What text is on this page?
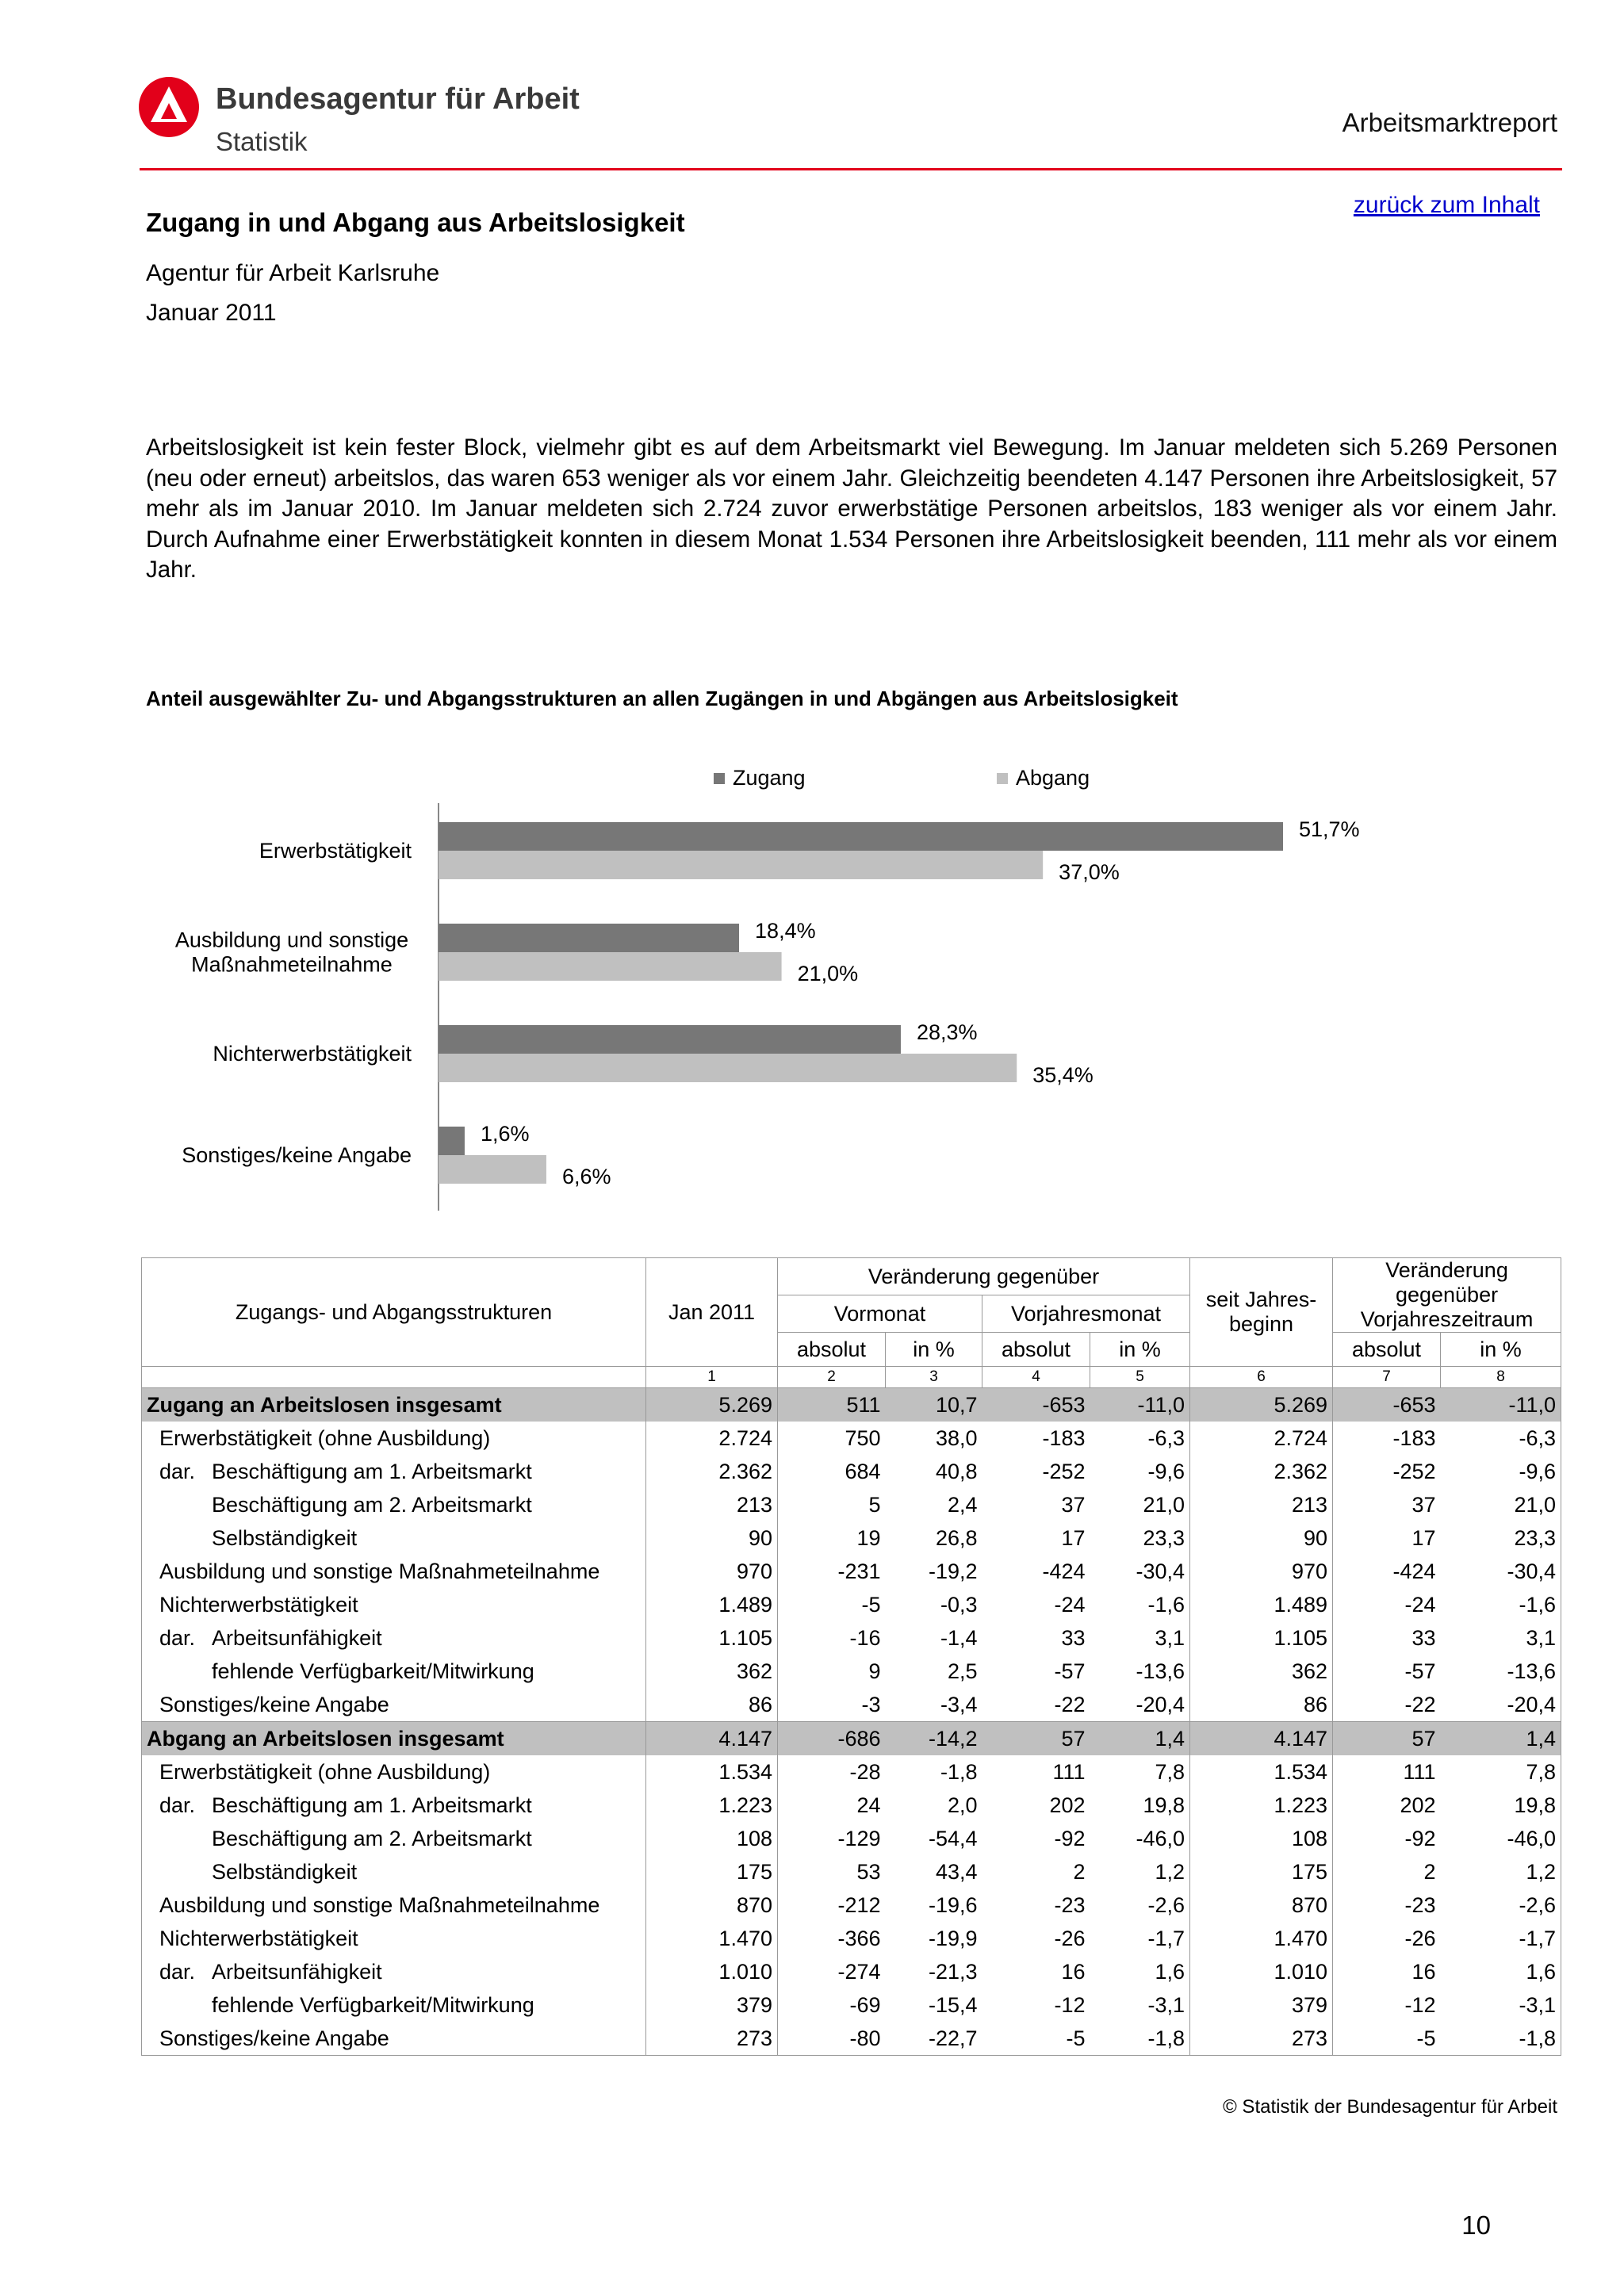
Bundesagentur für Arbeit
Statistik
Arbeitsmarktreport
zurück zum Inhalt
Zugang in und Abgang aus Arbeitslosigkeit
Agentur für Arbeit Karlsruhe
Januar 2011
Arbeitslosigkeit ist kein fester Block, vielmehr gibt es auf dem Arbeitsmarkt viel Bewegung. Im Januar meldeten sich 5.269 Personen (neu oder erneut) arbeitslos, das waren 653 weniger als vor einem Jahr. Gleichzeitig beendeten 4.147 Personen ihre Arbeitslosigkeit, 57 mehr als im Januar 2010. Im Januar meldeten sich 2.724 zuvor erwerbstätige Personen arbeitslos, 183 weniger als vor einem Jahr. Durch Aufnahme einer Erwerbstätigkeit konnten in diesem Monat 1.534 Personen ihre Arbeitslosigkeit beenden, 111 mehr als vor einem Jahr.
Anteil ausgewählter Zu- und Abgangsstrukturen an allen Zugängen in und Abgängen aus Arbeitslosigkeit
Zugang	Abgang
Erwerbstätigkeit
51,7%
37,0%
Ausbildung und sonstige
Maßnahmeteilnahme
18,4%
21,0%
Nichterwerbstätigkeit
28,3%
35,4%
Sonstiges/keine Angabe
1,6%
6,6%
Zugangs- und Abgangsstrukturen	Jan 2011	Veränderung gegenüber				seit Jahres-beginn	Veränderung gegenüber Vorjahreszeitraum	
		Vormonat		Vorjahresmonat				
		absolut	in %	absolut	in %		absolut	in %
	1	2	3	4	5	6	7	8
Zugang an Arbeitslosen insgesamt	5.269	511	10,7	-653	-11,0	5.269	-653	-11,0
Erwerbstätigkeit (ohne Ausbildung)	2.724	750	38,0	-183	-6,3	2.724	-183	-6,3

dar. Beschäftigung am 1. Arbeitsmarkt	2.362	684	40,8	-252	-9,6	2.362	-252	-9,6
Beschäftigung am 2. Arbeitsmarkt	213	5	2,4	37	21,0	213	37	21,0
Selbständigkeit	90	19	26,8	17	23,3	90	17	23,3
Ausbildung und sonstige Maßnahmeteilnahme	970	-231	-19,2	-424	-30,4	970	-424	-30,4
Nichterwerbstätigkeit	1.489	-5	-0,3	-24	-1,6	1.489	-24	-1,6

dar. Arbeitsunfähigkeit	1.105	-16	-1,4	33	3,1	1.105	33	3,1
fehlende Verfügbarkeit/Mitwirkung	362	9	2,5	-57	-13,6	362	-57	-13,6
Sonstiges/keine Angabe	86	-3	-3,4	-22	-20,4	86	-22	-20,4
Abgang an Arbeitslosen insgesamt	4.147	-686	-14,2	57	1,4	4.147	57	1,4
Erwerbstätigkeit (ohne Ausbildung)	1.534	-28	-1,8	111	7,8	1.534	111	7,8

dar. Beschäftigung am 1. Arbeitsmarkt	1.223	24	2,0	202	19,8	1.223	202	19,8
Beschäftigung am 2. Arbeitsmarkt	108	-129	-54,4	-92	-46,0	108	-92	-46,0
Selbständigkeit	175	53	43,4	2	1,2	175	2	1,2
Ausbildung und sonstige Maßnahmeteilnahme	870	-212	-19,6	-23	-2,6	870	-23	-2,6
Nichterwerbstätigkeit	1.470	-366	-19,9	-26	-1,7	1.470	-26	-1,7

dar. Arbeitsunfähigkeit	1.010	-274	-21,3	16	1,6	1.010	16	1,6
fehlende Verfügbarkeit/Mitwirkung	379	-69	-15,4	-12	-3,1	379	-12	-3,1
Sonstiges/keine Angabe	273	-80	-22,7	-5	-1,8	273	-5	-1,8
© Statistik der Bundesagentur für Arbeit
10
